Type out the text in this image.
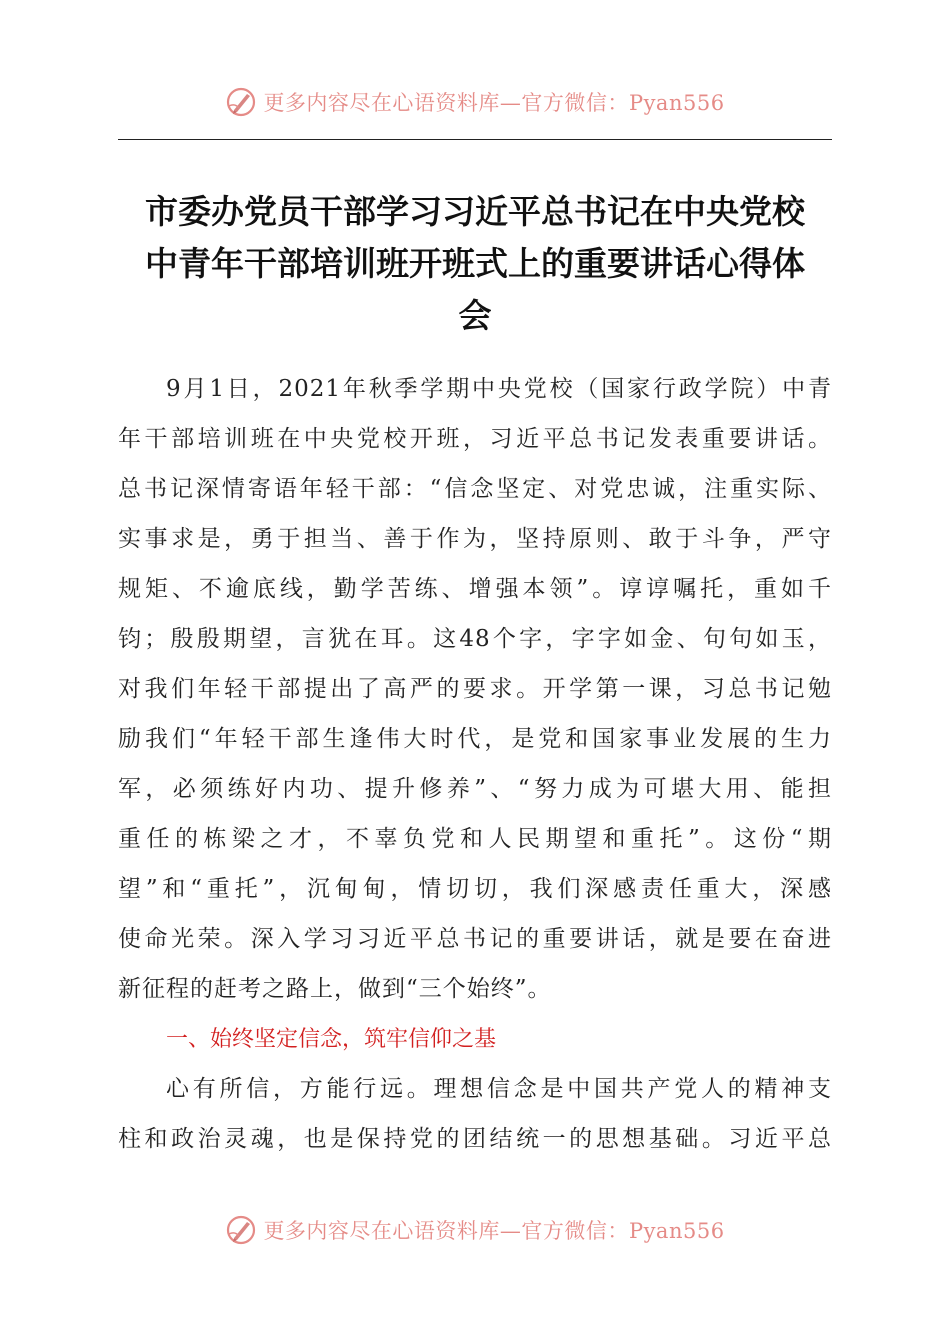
更多内容尽在心语资料库—官方微信：Pyan556
市委办党员干部学习习近平总书记在中央党校
中青年干部培训班开班式上的重要讲话心得体
会
9月1日，2021年秋季学期中央党校（国家行政学院）中青
年干部培训班在中央党校开班，习近平总书记发表重要讲话。
总书记深情寄语年轻干部：“信念坚定、对党忠诚，注重实际、
实事求是，勇于担当、善于作为，坚持原则、敢于斗争，严守
规矩、不逾底线，勤学苦练、增强本领”。谆谆嘱托，重如千
钧；殷殷期望，言犹在耳。这48个字，字字如金、句句如玉，
对我们年轻干部提出了高严的要求。开学第一课，习总书记勉
励我们“年轻干部生逢伟大时代，是党和国家事业发展的生力
军，必须练好内功、提升修养”、“努力成为可堪大用、能担
重任的栋梁之才，不辜负党和人民期望和重托”。这份“期
望”和“重托”，沉甸甸，情切切，我们深感责任重大，深感
使命光荣。深入学习习近平总书记的重要讲话，就是要在奋进
新征程的赶考之路上，做到“三个始终”。
一、始终坚定信念，筑牢信仰之基
心有所信，方能行远。理想信念是中国共产党人的精神支
柱和政治灵魂，也是保持党的团结统一的思想基础。习近平总
更多内容尽在心语资料库—官方微信：Pyan556
